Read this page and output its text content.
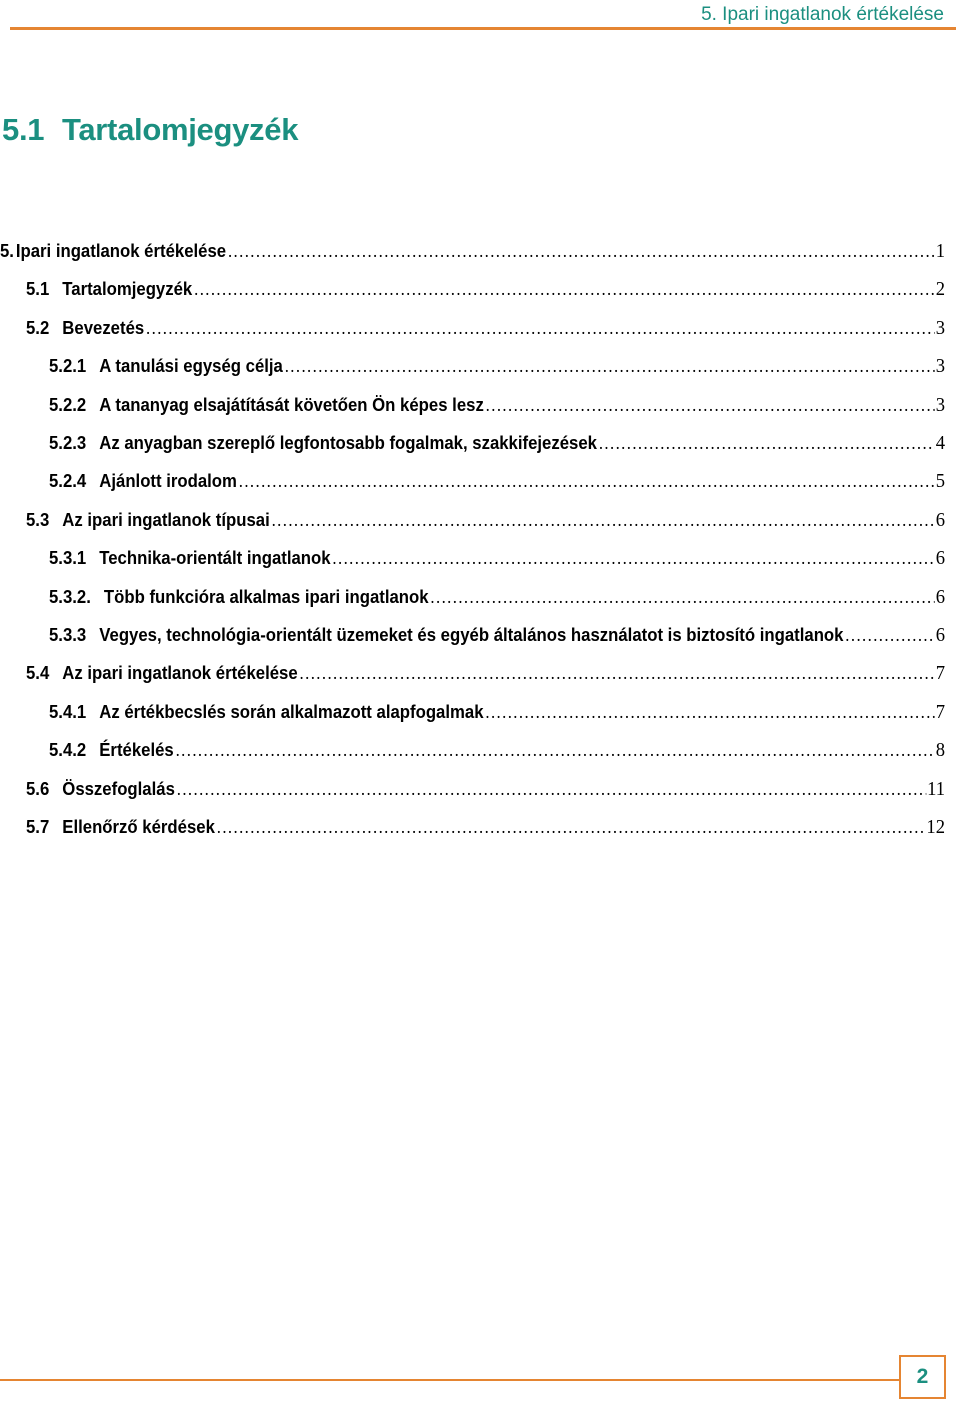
5. Ipari ingatlanok értékelése
5.1 Tartalomjegyzék
5. Ipari ingatlanok értékelése .....	1
5.1 Tartalomjegyzék .....	2
5.2 Bevezetés .....	3
5.2.1 A tanulási egység célja .....	3
5.2.2 A tananyag elsajátítását követően Ön képes lesz .....	3
5.2.3 Az anyagban szereplő legfontosabb fogalmak, szakkifejezések .....	4
5.2.4 Ajánlott irodalom .....	5
5.3 Az ipari ingatlanok típusai .....	6
5.3.1 Technika-orientált ingatlanok .....	6
5.3.2. Több funkcióra alkalmas ipari ingatlanok .....	6
5.3.3 Vegyes, technológia-orientált üzemeket és egyéb általános használatot is biztosító ingatlanok .....	6
5.4 Az ipari ingatlanok értékelése .....	7
5.4.1 Az értékbecslés során alkalmazott alapfogalmak .....	7
5.4.2 Értékelés .....	8
5.6 Összefoglalás .....	11
5.7 Ellenőrző kérdések .....	12
2
